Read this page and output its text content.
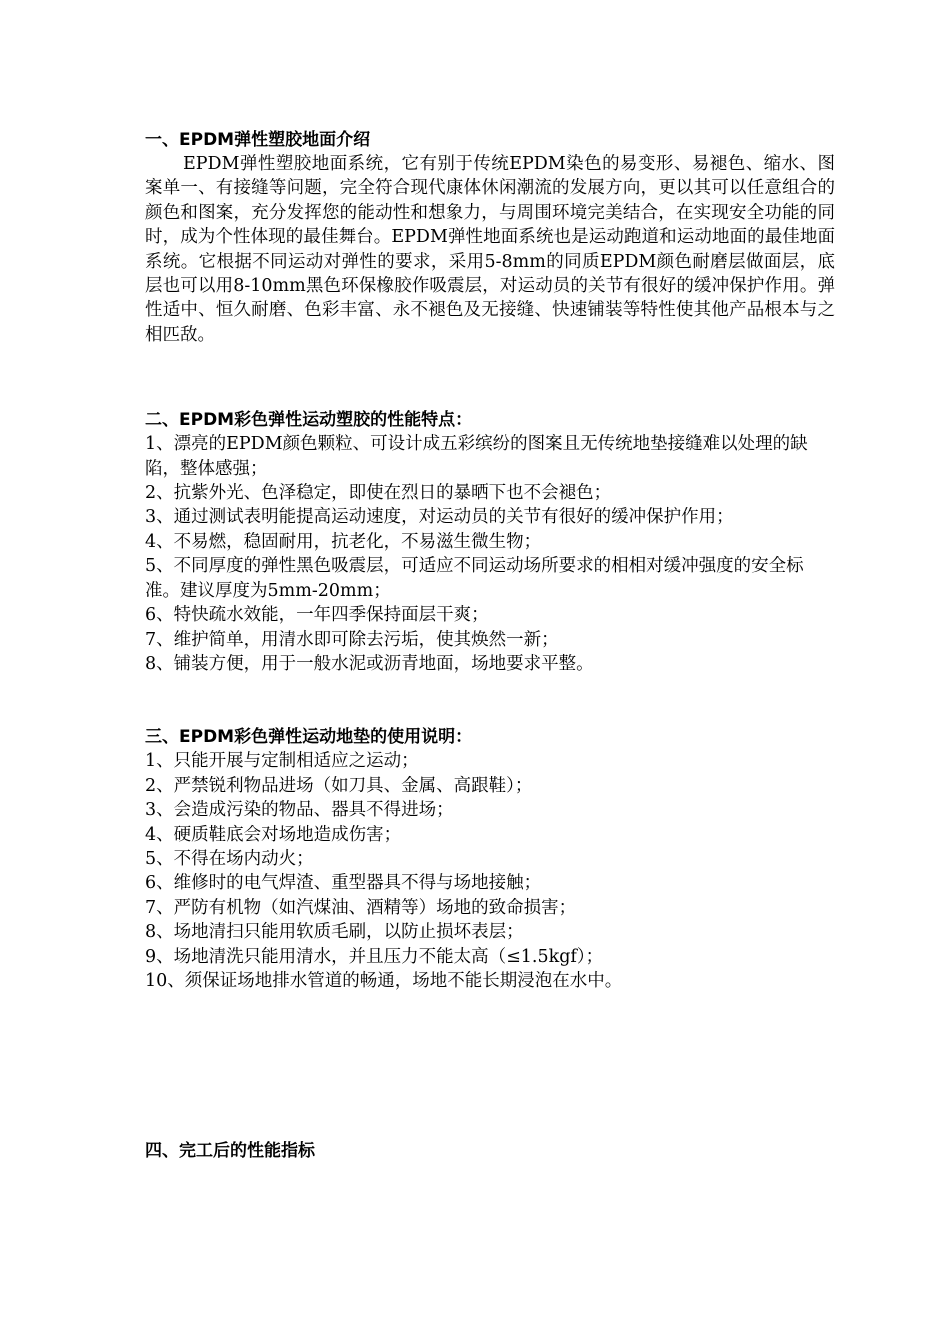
一、EPDM弹性塑胶地面介绍

EPDM弹性塑胶地面系统，它有别于传统EPDM染色的易变形、易褪色、缩水、图案单一、有接缝等问题，完全符合现代康体休闲潮流的发展方向，更以其可以任意组合的颜色和图案，充分发挥您的能动性和想象力，与周围环境完美结合，在实现安全功能的同时，成为个性体现的最佳舞台。EPDM弹性地面系统也是运动跑道和运动地面的最佳地面系统。它根据不同运动对弹性的要求，采用5-8mm的同质EPDM颜色耐磨层做面层，底层也可以用8-10mm黑色环保橡胶作吸震层，对运动员的关节有很好的缓冲保护作用。弹性适中、恒久耐磨、色彩丰富、永不褪色及无接缝、快速铺装等特性使其他产品根本与之相匹敌。

二、EPDM彩色弹性运动塑胶的性能特点：
1、漂亮的EPDM颜色颗粒、可设计成五彩缤纷的图案且无传统地垫接缝难以处理的缺陷，整体感强；
2、抗紫外光、色泽稳定，即使在烈日的暴晒下也不会褪色；
3、通过测试表明能提高运动速度，对运动员的关节有很好的缓冲保护作用；
4、不易燃，稳固耐用，抗老化，不易滋生微生物；
5、不同厚度的弹性黑色吸震层，可适应不同运动场所要求的相相对缓冲强度的安全标准。建议厚度为5mm-20mm；
6、特快疏水效能，一年四季保持面层干爽；
7、维护简单，用清水即可除去污垢，使其焕然一新；
8、铺装方便，用于一般水泥或沥青地面，场地要求平整。
三、EPDM彩色弹性运动地垫的使用说明：
1、只能开展与定制相适应之运动；
2、严禁锐利物品进场（如刀具、金属、高跟鞋）；
3、会造成污染的物品、器具不得进场；
4、硬质鞋底会对场地造成伤害；
5、不得在场内动火；
6、维修时的电气焊渣、重型器具不得与场地接触；
7、严防有机物（如汽煤油、酒精等）场地的致命损害；
8、场地清扫只能用软质毛刷，以防止损坏表层；
9、场地清洗只能用清水，并且压力不能太高（≤1.5kgf）；
10、须保证场地排水管道的畅通，场地不能长期浸泡在水中。
四、完工后的性能指标
